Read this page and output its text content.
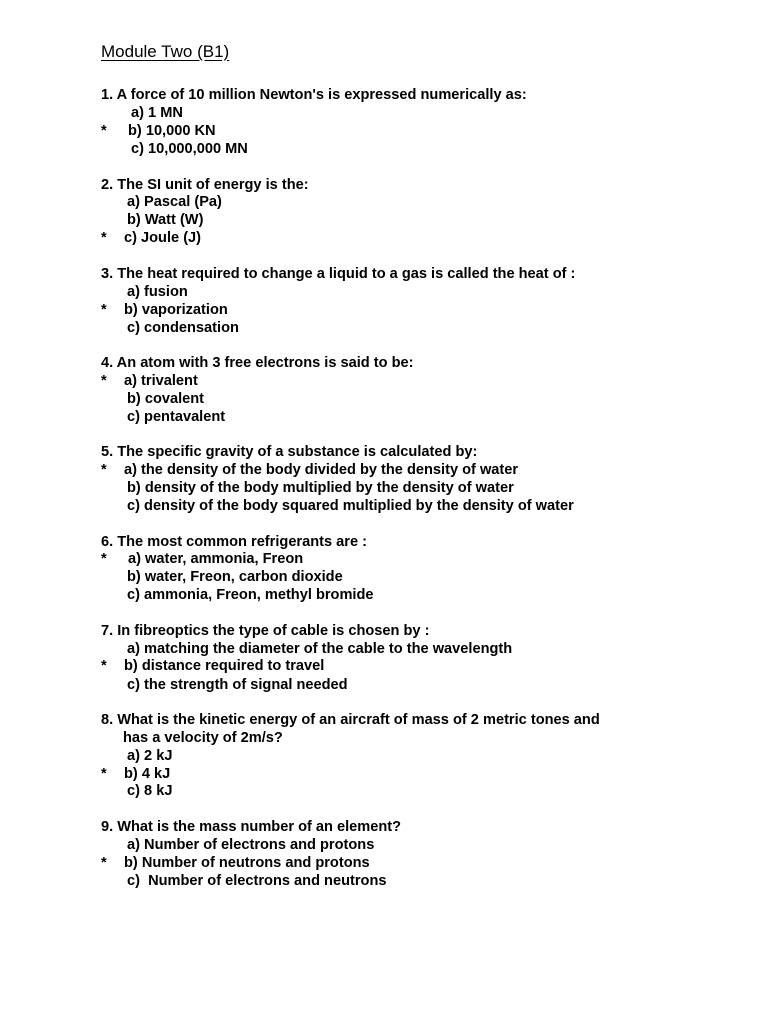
Module Two (B1)
1. A force of 10 million Newton's is expressed numerically as:
a) 1 MN
* b) 10,000 KN
c) 10,000,000 MN
2. The SI unit of energy is the:
a) Pascal (Pa)
b) Watt (W)
* c) Joule (J)
3. The heat required to change a liquid to a gas is called the heat of :
a) fusion
* b) vaporization
c) condensation
4. An atom with 3 free electrons is said to be:
* a) trivalent
b) covalent
c) pentavalent
5. The specific gravity of a substance is calculated by:
* a) the density of the body divided by the density of water
b) density of the body multiplied by the density of water
c) density of the body squared multiplied by the density of water
6. The most common refrigerants are :
* a) water, ammonia, Freon
b) water, Freon, carbon dioxide
c) ammonia, Freon, methyl bromide
7. In fibreoptics the type of cable is chosen by :
a) matching the diameter of the cable to the wavelength
* b) distance required to travel
c) the strength of signal needed
8. What is the kinetic energy of an aircraft of mass of 2 metric tones and
has a velocity of 2m/s?
a) 2 kJ
* b) 4 kJ
c) 8 kJ
9. What is the mass number of an element?
a) Number of electrons and protons
* b) Number of neutrons and protons
c)  Number of electrons and neutrons
